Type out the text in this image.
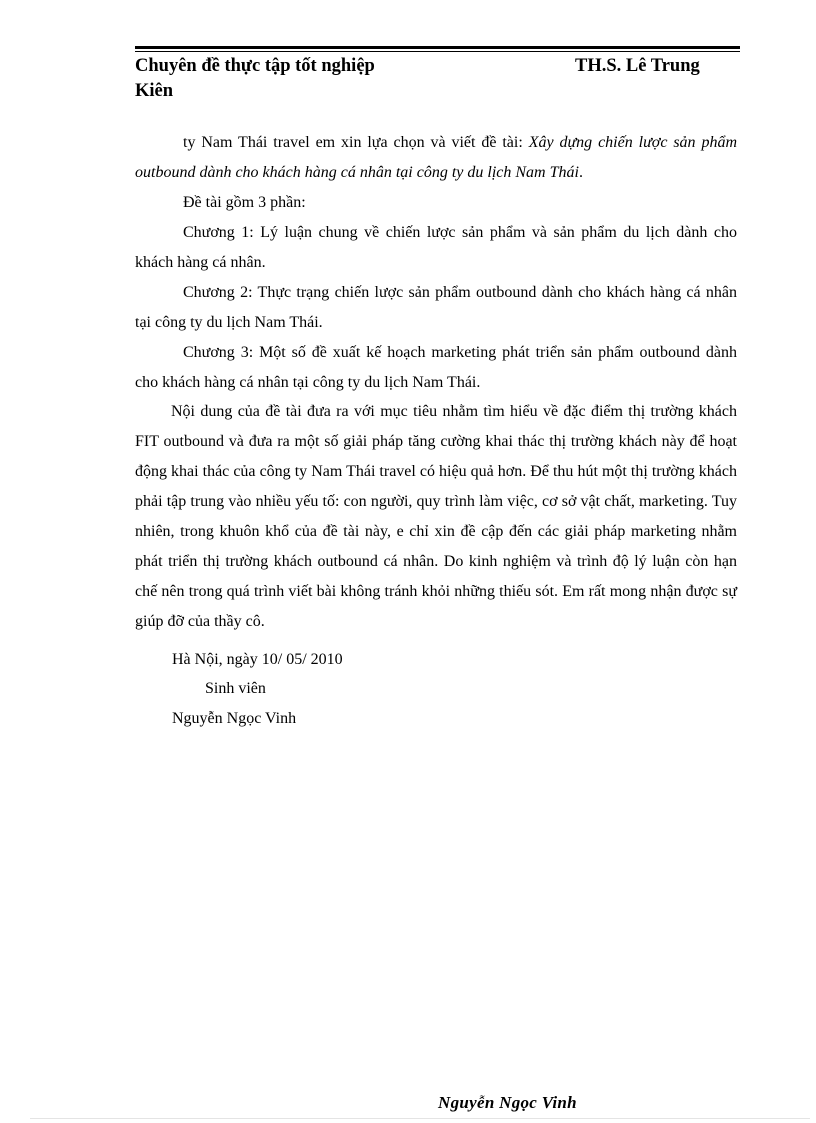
Chuyên đề thực tập tốt nghiệp	TH.S. Lê Trung
Kiên
ty Nam Thái travel em xin lựa chọn và viết đề tài: Xây dựng chiến lược sản phẩm outbound dành cho khách hàng cá nhân tại công ty du lịch Nam Thái.
Đề tài gồm 3 phần:
Chương 1: Lý luận chung về chiến lược sản phẩm và sản phẩm du lịch dành cho khách hàng cá nhân.
Chương 2: Thực trạng chiến lược sản phẩm outbound dành cho khách hàng cá nhân tại công ty du lịch Nam Thái.
Chương 3: Một số đề xuất kế hoạch marketing phát triển sản phẩm outbound dành cho khách hàng cá nhân tại công ty du lịch Nam Thái.
Nội dung của đề tài đưa ra với mục tiêu nhằm tìm hiểu về đặc điểm thị trường khách FIT outbound và đưa ra một số giải pháp tăng cường khai thác thị trường khách này để hoạt động khai thác của công ty Nam Thái travel có hiệu quả hơn. Để thu hút một thị trường khách phải tập trung vào nhiều yếu tố: con người, quy trình làm việc, cơ sở vật chất, marketing. Tuy nhiên, trong khuôn khổ của đề tài này, e chỉ xin đề cập đến các giải pháp marketing nhằm phát triển thị trường khách outbound cá nhân. Do kinh nghiệm và trình độ lý luận còn hạn chế nên trong quá trình viết bài không tránh khỏi những thiếu sót. Em rất mong nhận được sự giúp đỡ của thầy cô.
Hà Nội, ngày 10/ 05/ 2010
Sinh viên
Nguyễn Ngọc Vinh
Nguyễn Ngọc Vinh
